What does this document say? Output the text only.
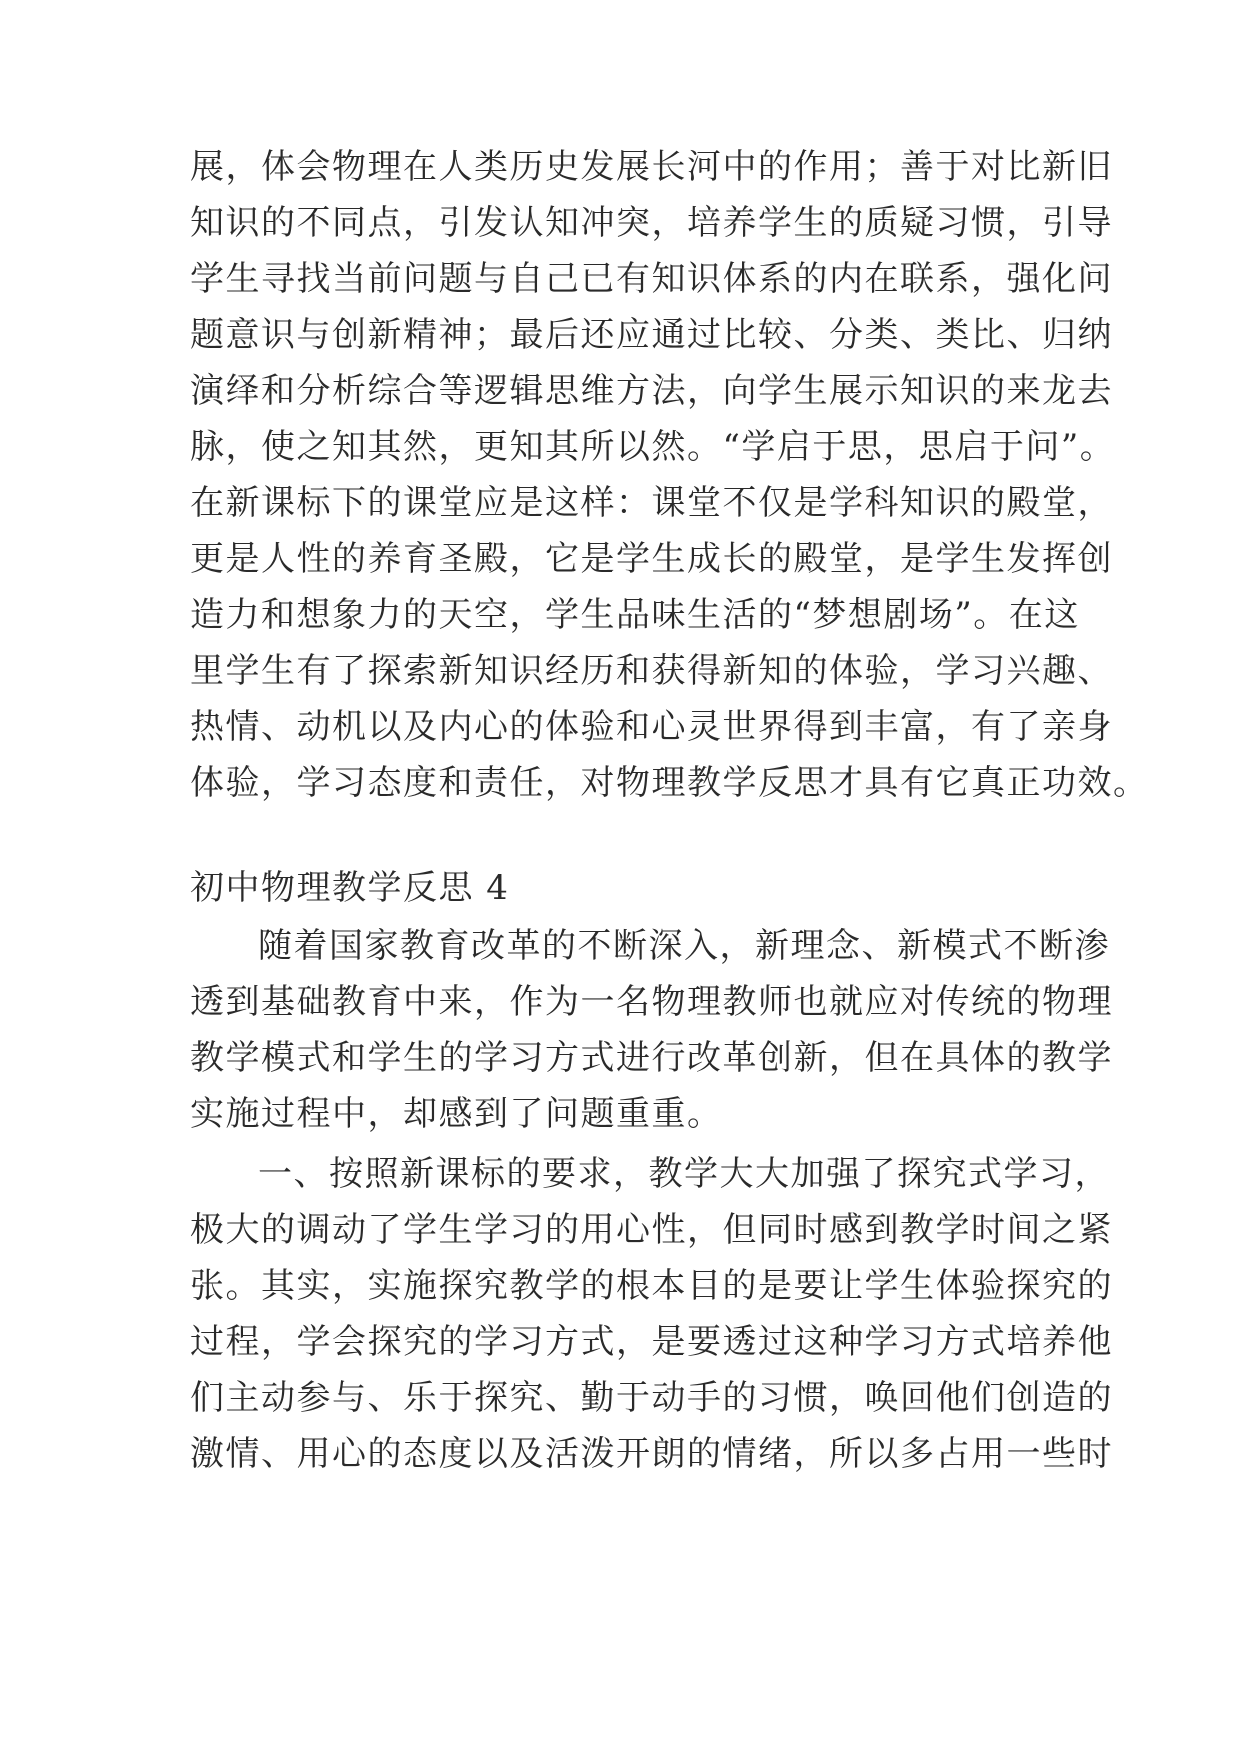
展，体会物理在人类历史发展长河中的作用；善于对比新旧
知识的不同点，引发认知冲突，培养学生的质疑习惯，引导
学生寻找当前问题与自己已有知识体系的内在联系，强化问
题意识与创新精神；最后还应通过比较、分类、类比、归纳
演绎和分析综合等逻辑思维方法，向学生展示知识的来龙去
脉，使之知其然，更知其所以然。“学启于思，思启于问”。
在新课标下的课堂应是这样：课堂不仅是学科知识的殿堂，
更是人性的养育圣殿，它是学生成长的殿堂，是学生发挥创
造力和想象力的天空，学生品味生活的“梦想剧场”。在这
里学生有了探索新知识经历和获得新知的体验，学习兴趣、
热情、动机以及内心的体验和心灵世界得到丰富，有了亲身
体验，学习态度和责任，对物理教学反思才具有它真正功效。
初中物理教学反思 4
随着国家教育改革的不断深入，新理念、新模式不断渗
透到基础教育中来，作为一名物理教师也就应对传统的物理
教学模式和学生的学习方式进行改革创新，但在具体的教学
实施过程中，却感到了问题重重。
一、按照新课标的要求，教学大大加强了探究式学习，
极大的调动了学生学习的用心性，但同时感到教学时间之紧
张。其实，实施探究教学的根本目的是要让学生体验探究的
过程，学会探究的学习方式，是要透过这种学习方式培养他
们主动参与、乐于探究、勤于动手的习惯，唤回他们创造的
激情、用心的态度以及活泼开朗的情绪，所以多占用一些时
